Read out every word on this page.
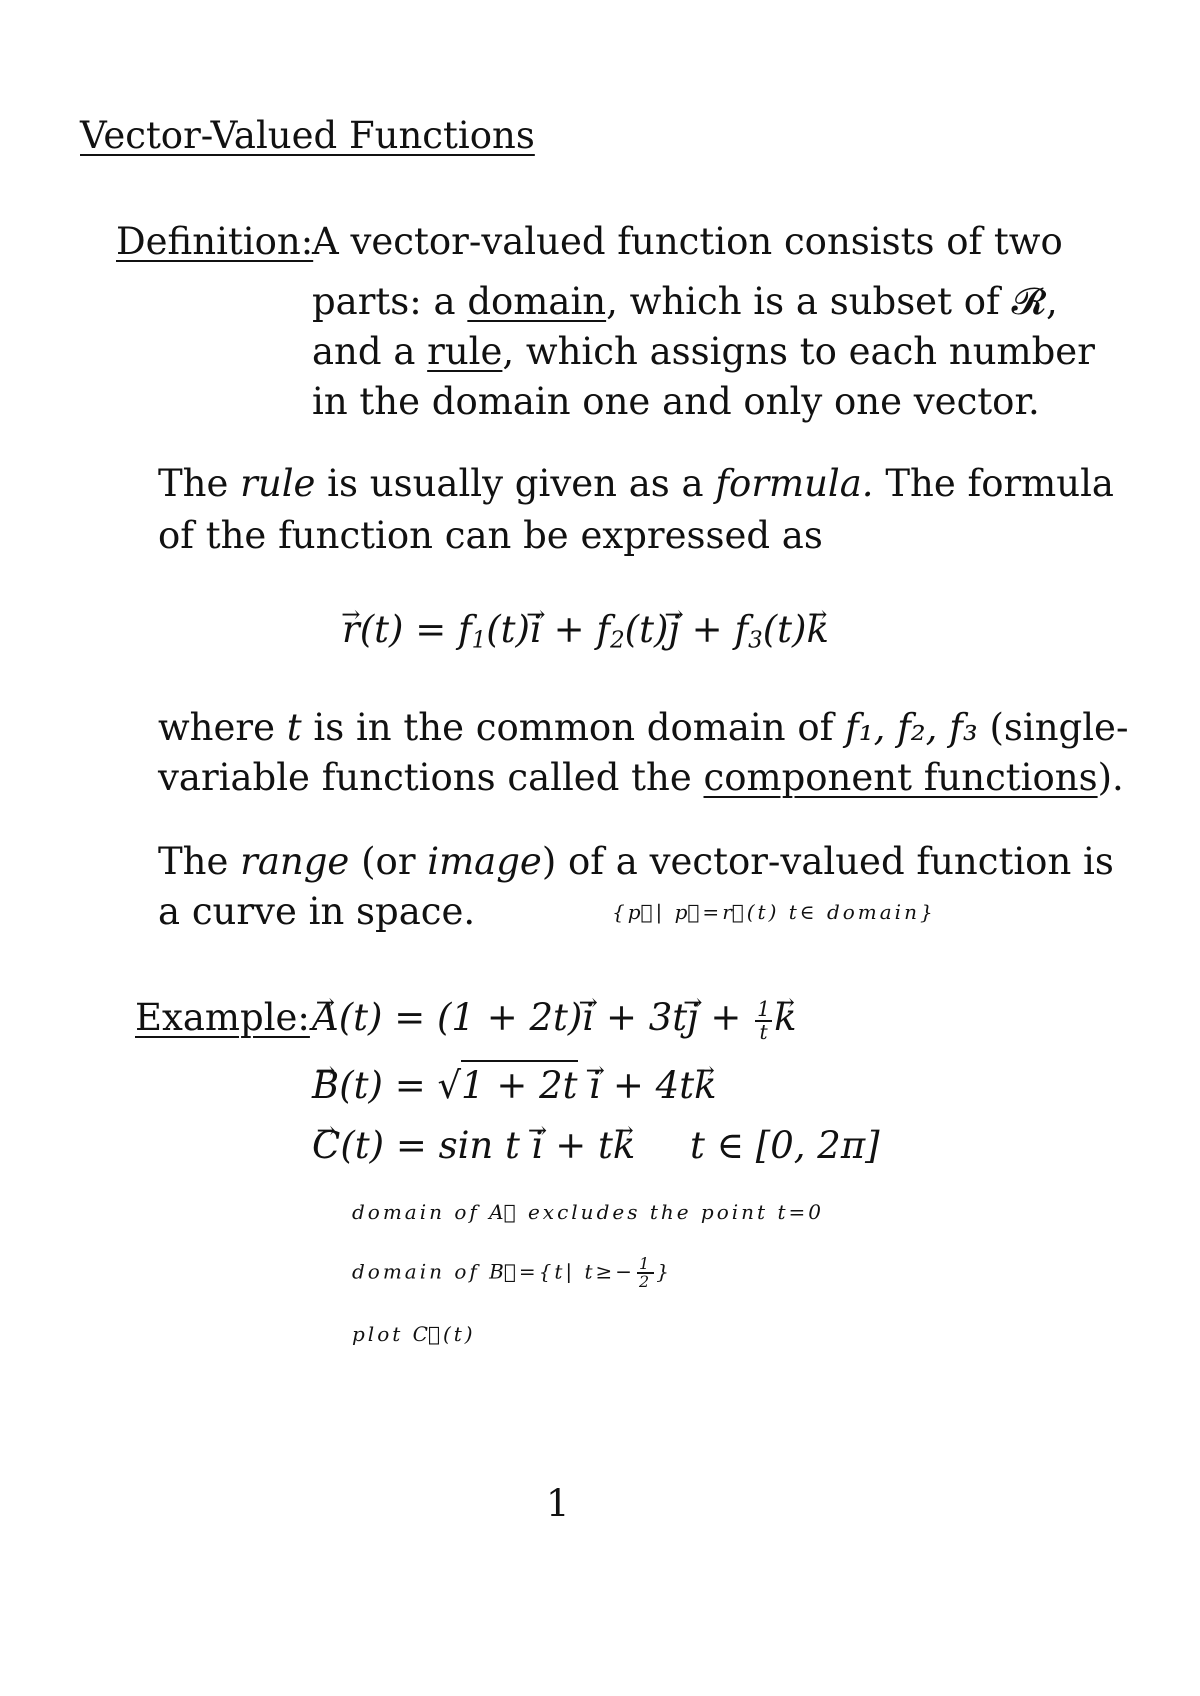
Vector-Valued Functions
Definition:
A vector-valued function consists of two
parts: a domain, which is a subset of 𝓡,
and a rule, which assigns to each number
in the domain one and only one vector.
The rule is usually given as a formula. The formula
of the function can be expressed as
→ $r(t) = f_1(t)\to i + f_2(t)\to j + f_3(t)\to k$
where t is in the common domain of f₁, f₂, f₃ (single-
variable functions called the component functions).
The range (or image) of a vector-valued function is
a curve in space.	{p⃗| p⃗=r⃗(t) t∈ domain}
Example:
→ $A(t) = (1 + 2t)\to i + 3t\to j + \frac{1}{t}$
→ k
→ B(t) = √1 + 2t → i + 4t→ k
→ C(t) = sin t → i + t→ k t ∈ [0, 2π]
domain of A⃗ excludes the point t=0
domain of B⃗={t| $t\ge- \frac{1}{2}$ }
plot C⃗(t)
1
